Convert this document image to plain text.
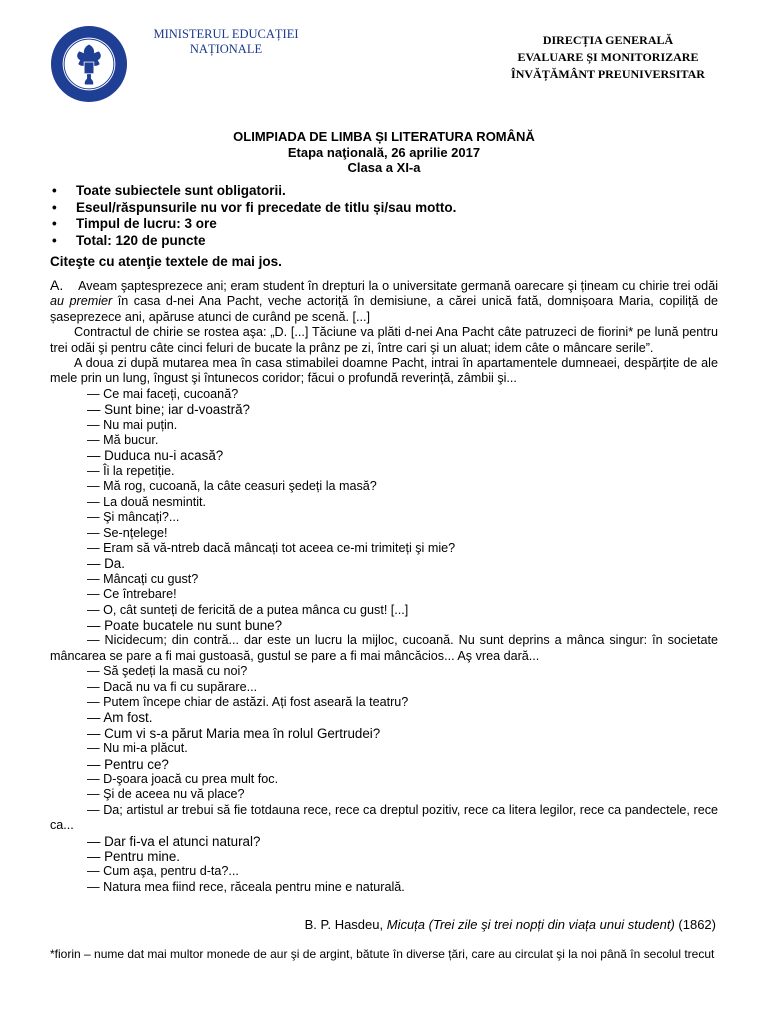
MINISTERUL EDUCAȚIEI
NAȚIONALE
DIRECȚIA GENERALĂ
EVALUARE ȘI MONITORIZARE
ÎNVĂȚĂMÂNT PREUNIVERSITAR
OLIMPIADA DE LIMBA ȘI LITERATURA ROMÂNĂ
Etapa naţională, 26 aprilie 2017
Clasa a XI-a
• Toate subiectele sunt obligatorii.
• Eseul/răspunsurile nu vor fi precedate de titlu și/sau motto.
• Timpul de lucru: 3 ore
• Total: 120 de puncte
Citeşte cu atenţie textele de mai jos.

A. Aveam şaptesprezece ani; eram student în drepturi la o universitate germană oarecare şi țineam cu chirie trei odăi au premier în casa d-nei Ana Pacht, veche actoriță în demisiune, a cărei unică fată, domnișoara Maria, copiliță de șaseprezece ani, apăruse atunci de curând pe scenă. [...]

Contractul de chirie se rostea aşa: „D. [...] Tăciune va plăti d-nei Ana Pacht câte patruzeci de fiorini* pe lună pentru trei odăi şi pentru câte cinci feluri de bucate la prânz pe zi, între cari şi un aluat; idem câte o mâncare serile”.

A doua zi după mutarea mea în casa stimabilei doamne Pacht, intrai în apartamentele dumneaei, despărțite de ale mele prin un lung, îngust şi întunecos coridor; făcui o profundă reverință, zâmbii şi...

— Ce mai faceți, cucoană?

— Sunt bine; iar d-voastră?

— Nu mai puțin.

— Mă bucur.

— Duduca nu-i acasă?

— Îi la repetiție.

— Mă rog, cucoană, la câte ceasuri şedeți la masă?

— La două nesmintit.

— Şi mâncați?...

— Se-nțelege!

— Eram să vă-ntreb dacă mâncați tot aceea ce-mi trimiteți şi mie?

— Da.

— Mâncați cu gust?

— Ce întrebare!

— O, cât sunteți de fericită de a putea mânca cu gust! [...]

— Poate bucatele nu sunt bune?

— Nicidecum; din contră... dar este un lucru la mijloc, cucoană. Nu sunt deprins a mânca singur: în societate mâncarea se pare a fi mai gustoasă, gustul se pare a fi mai mâncăcios... Aş vrea dară...

— Să şedeți la masă cu noi?

— Dacă nu va fi cu supărare...

— Putem începe chiar de astăzi. Ați fost aseară la teatru?

— Am fost.

— Cum vi s-a părut Maria mea în rolul Gertrudei?

— Nu mi-a plăcut.

— Pentru ce?

— D-şoara joacă cu prea mult foc.

— Şi de aceea nu vă place?

— Da; artistul ar trebui să fie totdauna rece, rece ca dreptul pozitiv, rece ca litera legilor, rece ca pandectele, rece ca...

— Dar fi-va el atunci natural?

— Pentru mine.

— Cum aşa, pentru d-ta?...

— Natura mea fiind rece, răceala pentru mine e naturală.

B. P. Hasdeu, Micuța (Trei zile şi trei nopți din viața unui student) (1862)
*fiorin – nume dat mai multor monede de aur şi de argint, bătute în diverse țări, care au circulat şi la noi până în secolul trecut
